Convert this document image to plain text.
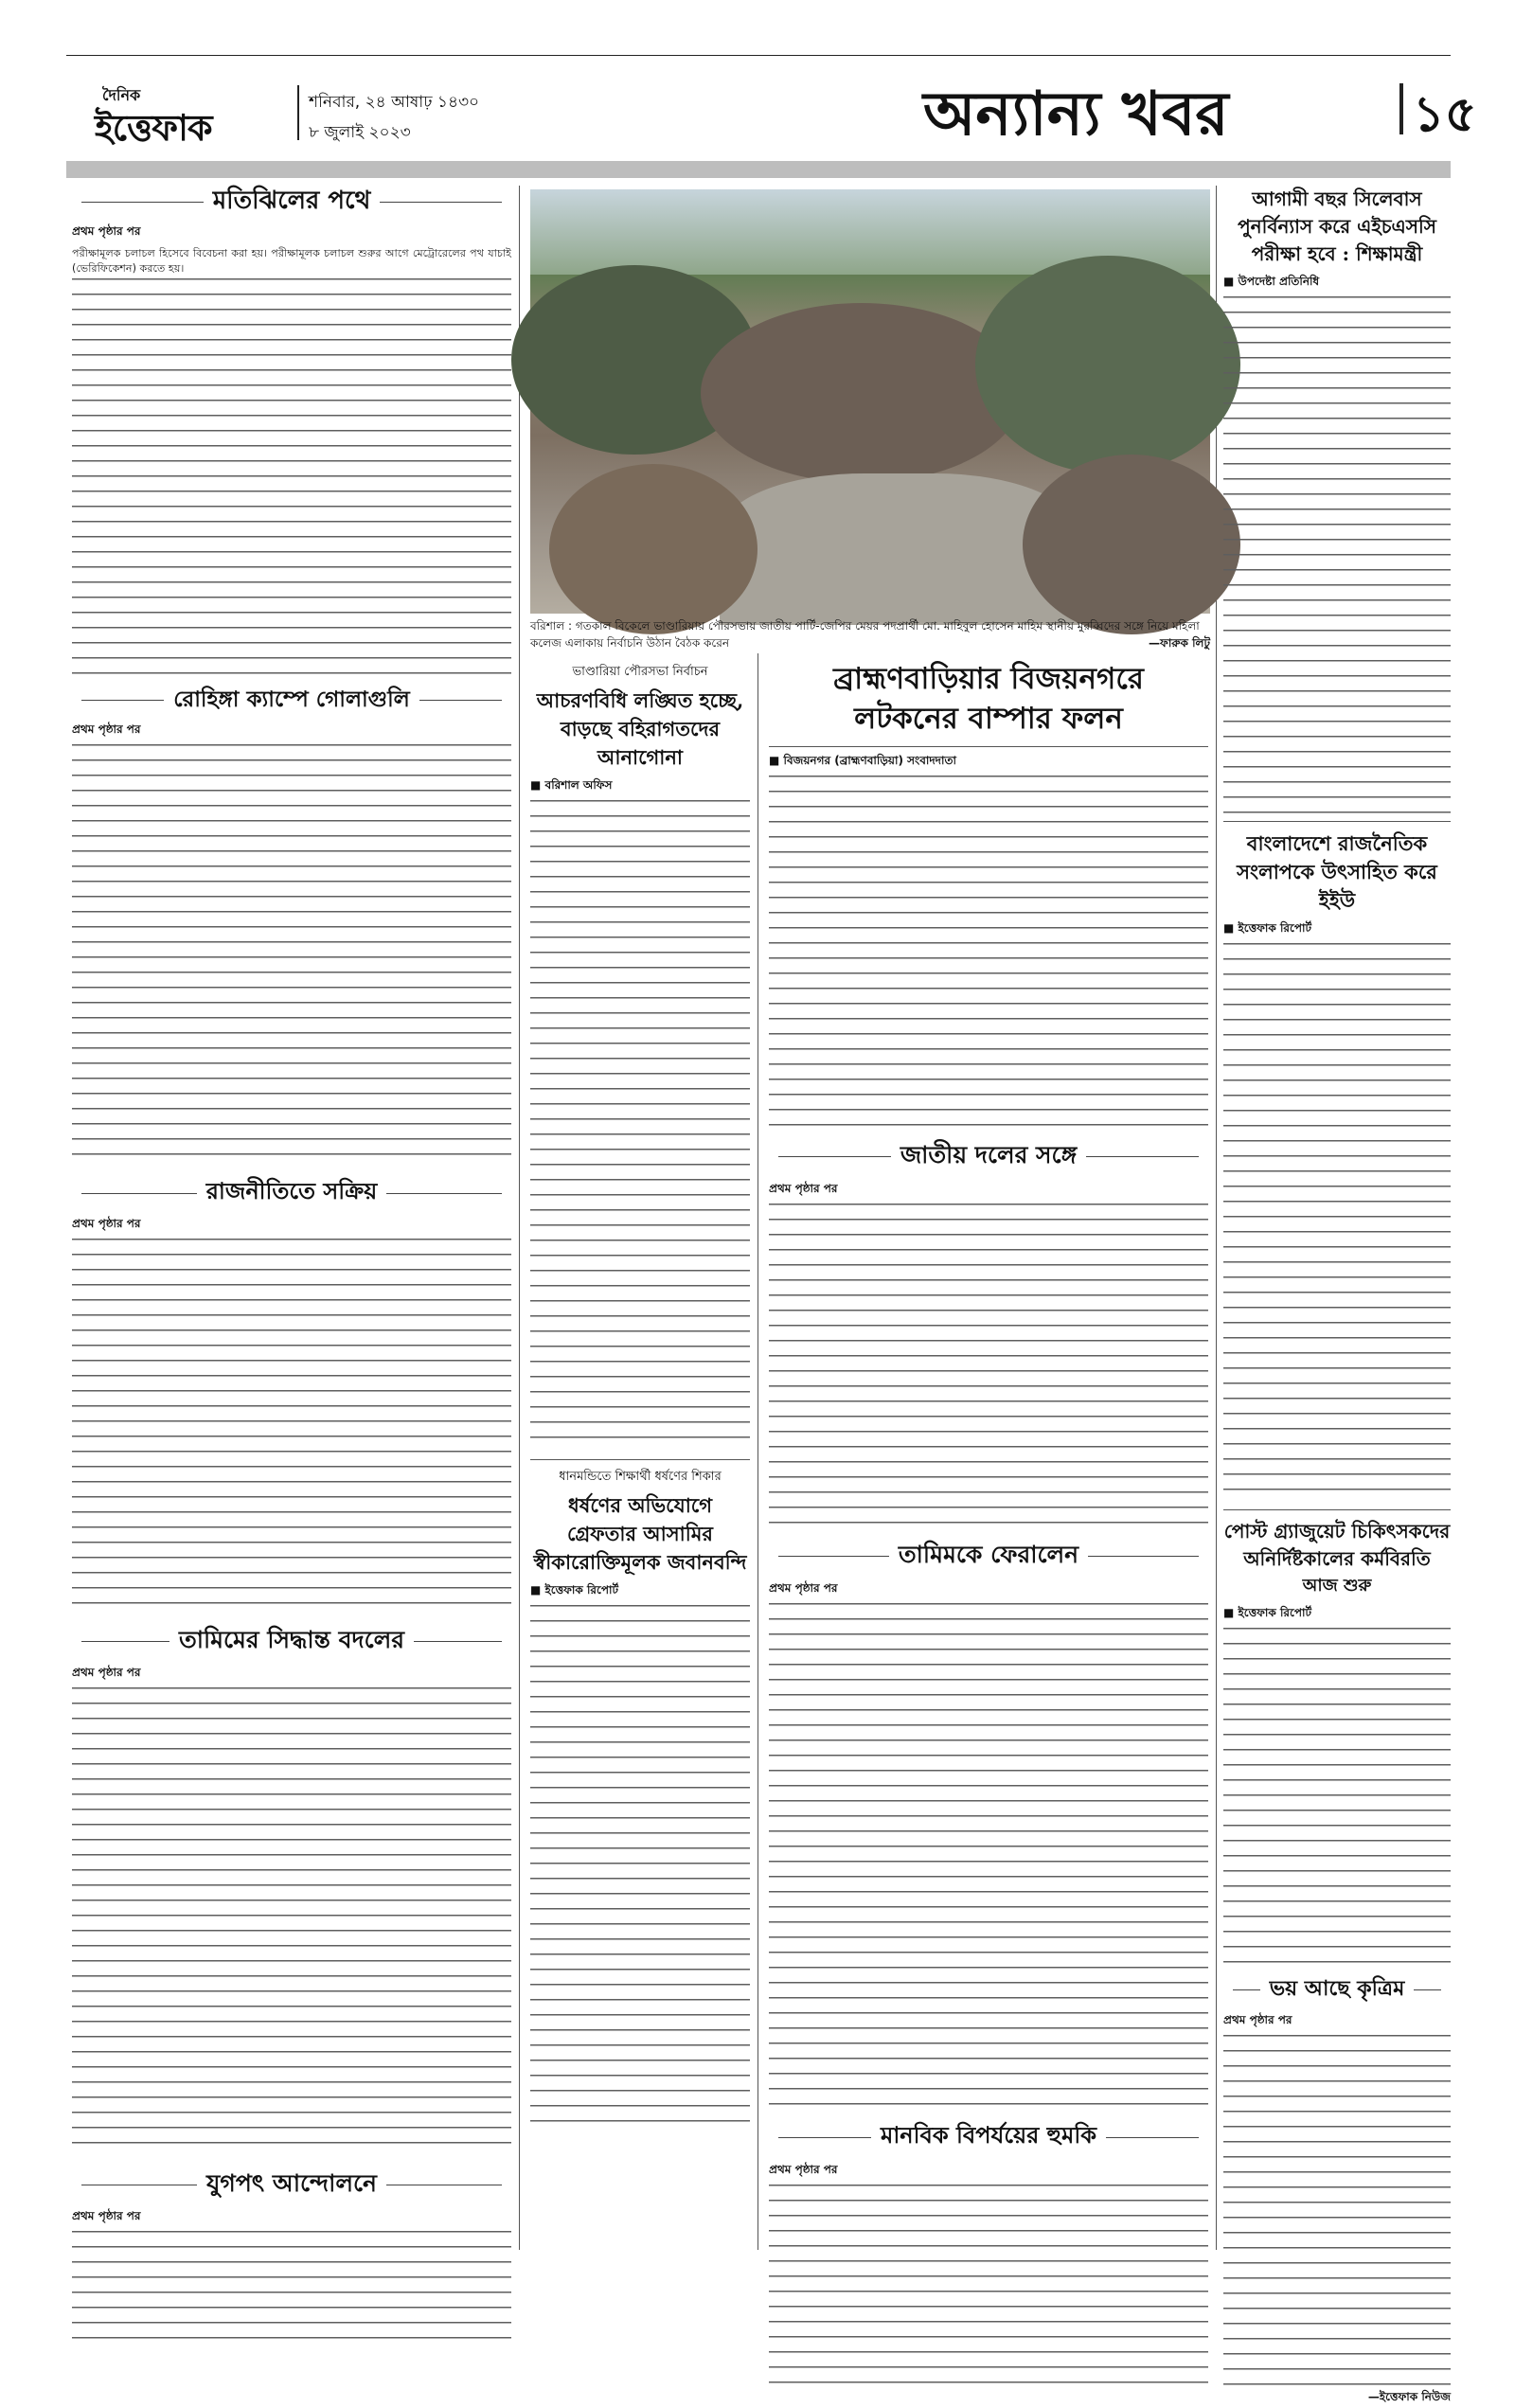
দৈনিক
ইত্তেফাক
শনিবার, ২৪ আষাঢ় ১৪৩০
৮ জুলাই ২০২৩	অন্যান্য খবর	১৫
মতিঝিলের পথে
প্রথম পৃষ্ঠার পর
পরীক্ষামূলক চলাচল হিসেবে বিবেচনা করা হয়। পরীক্ষামূলক চলাচল শুরুর আগে মেট্রোরেলের পথ যাচাই (ভেরিফিকেশন) করতে হয়।
রোহিঙ্গা ক্যাম্পে গোলাগুলি
প্রথম পৃষ্ঠার পর
রাজনীতিতে সক্রিয়
প্রথম পৃষ্ঠার পর
তামিমের সিদ্ধান্ত বদলের
প্রথম পৃষ্ঠার পর
যুগপৎ আন্দোলনে
প্রথম পৃষ্ঠার পর
বরিশাল : গতকাল বিকেলে ভাণ্ডারিয়ায় পৌরসভায় জাতীয় পার্টি-জেপির মেয়র পদপ্রার্থী মো. মাহিবুল হোসেন মাহিম স্থানীয় মুরব্বিদের সঙ্গে নিয়ে মহিলা কলেজ এলাকায় নির্বাচনি উঠান বৈঠক করেন	—ফারুক লিটু
ভাণ্ডারিয়া পৌরসভা নির্বাচন
আচরণবিধি লঙ্ঘিত হচ্ছে, বাড়ছে বহিরাগতদের আনাগোনা
■ বরিশাল অফিস
ধানমন্ডিতে শিক্ষার্থী ধর্ষণের শিকার
ধর্ষণের অভিযোগে গ্রেফতার আসামির স্বীকারোক্তিমূলক জবানবন্দি
■ ইত্তেফাক রিপোর্ট
ব্রাহ্মণবাড়িয়ার বিজয়নগরে লটকনের বাম্পার ফলন
■ বিজয়নগর (ব্রাহ্মণবাড়িয়া) সংবাদদাতা
জাতীয় দলের সঙ্গে
প্রথম পৃষ্ঠার পর
তামিমকে ফেরালেন
প্রথম পৃষ্ঠার পর
মানবিক বিপর্যয়ের হুমকি
প্রথম পৃষ্ঠার পর
আগামী বছর সিলেবাস পুনর্বিন্যাস করে এইচএসসি পরীক্ষা হবে : শিক্ষামন্ত্রী
■ উপদেষ্টা প্রতিনিধি
বাংলাদেশে রাজনৈতিক সংলাপকে উৎসাহিত করে ইইউ
■ ইত্তেফাক রিপোর্ট
পোস্ট গ্র্যাজুয়েট চিকিৎসকদের অনির্দিষ্টকালের কর্মবিরতি
আজ শুরু
■ ইত্তেফাক রিপোর্ট
ভয় আছে কৃত্রিম
প্রথম পৃষ্ঠার পর
—ইত্তেফাক নিউজ
